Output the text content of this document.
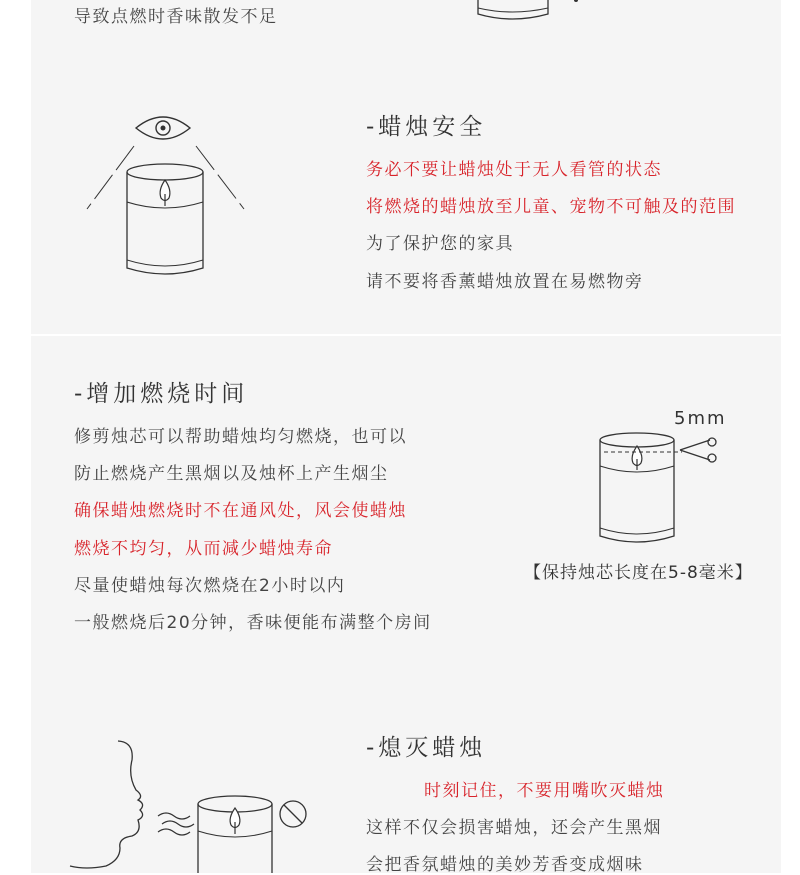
导致点燃时香味散发不足
-蜡烛安全
务必不要让蜡烛处于无人看管的状态
将燃烧的蜡烛放至儿童、宠物不可触及的范围
为了保护您的家具
请不要将香薰蜡烛放置在易燃物旁
-增加燃烧时间
修剪烛芯可以帮助蜡烛均匀燃烧，也可以
防止燃烧产生黑烟以及烛杯上产生烟尘
确保蜡烛燃烧时不在通风处，风会使蜡烛
燃烧不均匀，从而减少蜡烛寿命
尽量使蜡烛每次燃烧在2小时以内
一般燃烧后20分钟，香味便能布满整个房间
5mm
【保持烛芯长度在5-8毫米】
-熄灭蜡烛
时刻记住，不要用嘴吹灭蜡烛
这样不仅会损害蜡烛，还会产生黑烟
会把香氛蜡烛的美妙芳香变成烟味
